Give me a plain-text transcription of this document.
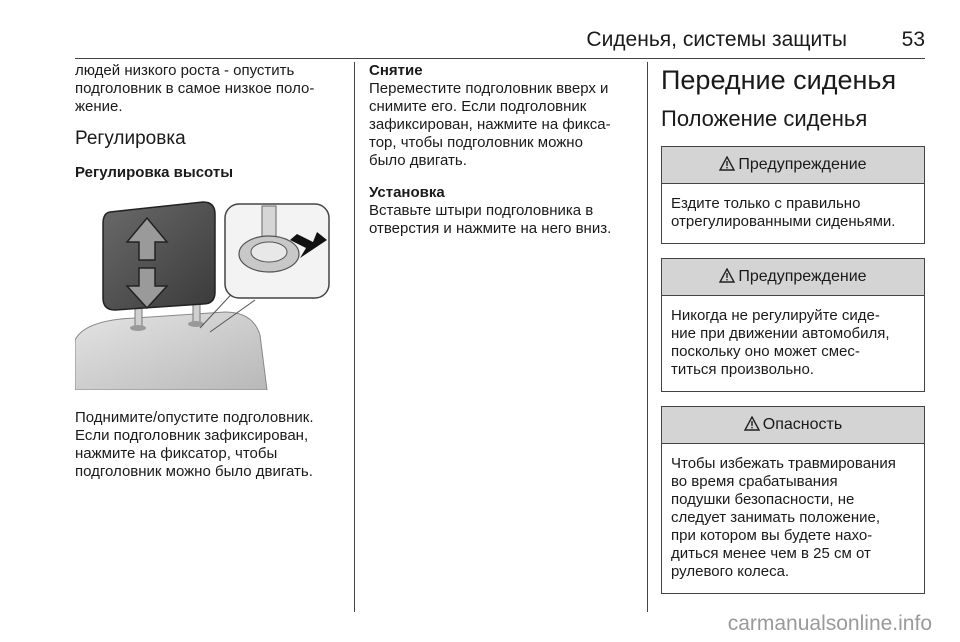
Сиденья, системы защиты	53

людей низкого роста - опустить

подголовник в самое низкое поло-

жение.

Регулировка

Регулировка высоты

Поднимите/опустите подголовник.

Если подголовник зафиксирован,

нажмите на фиксатор, чтобы

подголовник можно было двигать.

Снятие

Переместите подголовник вверх и

снимите его. Если подголовник

зафиксирован, нажмите на фикса-

тор, чтобы подголовник можно

было двигать.

Установка

Вставьте штыри подголовника в

отверстия и нажмите на него вниз.

Передние сиденья

Положение сиденья

Предупреждение
Ездите только с правильно
отрегулированными сиденьями.
Предупреждение
Никогда не регулируйте сиде-
ние при движении автомобиля,
поскольку оно может смес-
титься произвольно.
Опасность
Чтобы избежать травмирования
во время срабатывания
подушки безопасности, не
следует занимать положение,
при котором вы будете нахо-
диться менее чем в 25 см от
рулевого колеса.
carmanualsonline.info
